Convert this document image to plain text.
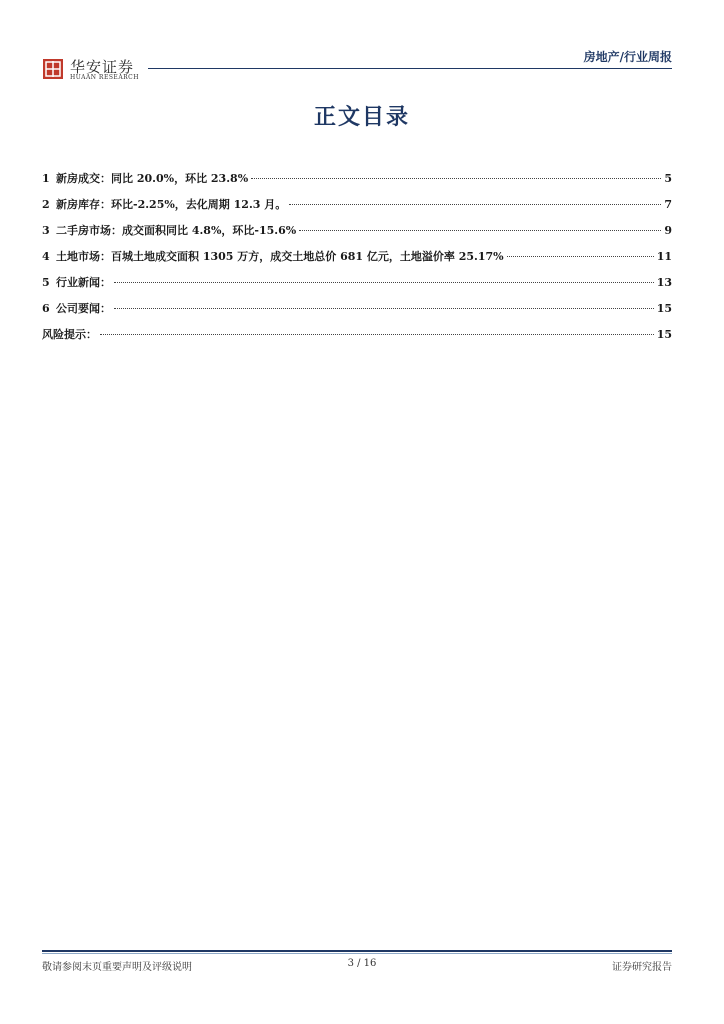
华安证券
HUAAN RESEARCH
房地产/行业周报
正文目录
1 新房成交：同比 20.0%，环比 23.8%	5
2 新房库存：环比-2.25%，去化周期 12.3 月。	7
3 二手房市场：成交面积同比 4.8%，环比-15.6%	9
4 土地市场：百城土地成交面积 1305 万方，成交土地总价 681 亿元，土地溢价率 25.17%	11
5 行业新闻：	13
6 公司要闻：	15
风险提示：	15
敬请参阅末页重要声明及评级说明	3 / 16	证券研究报告
